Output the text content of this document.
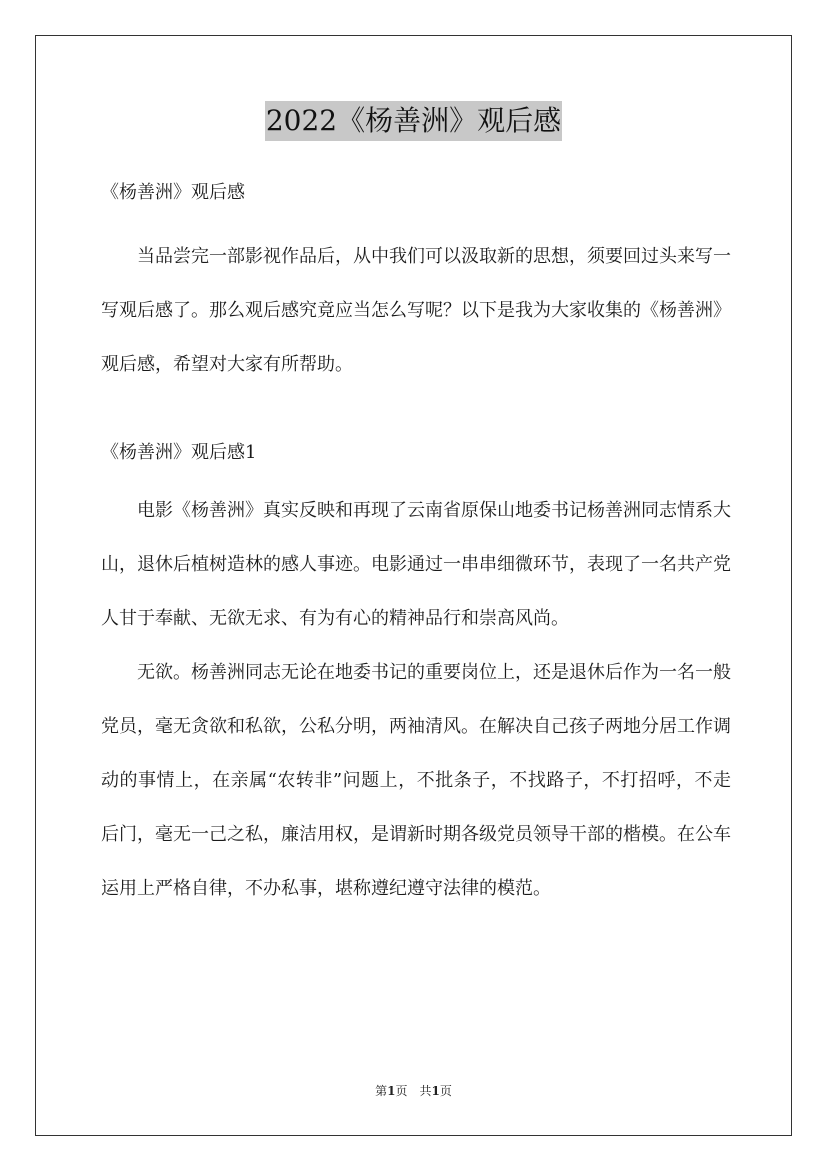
2022《杨善洲》观后感

《杨善洲》观后感

当品尝完一部影视作品后，从中我们可以汲取新的思想，须要回过头来写一写观后感了。那么观后感究竟应当怎么写呢？以下是我为大家收集的《杨善洲》观后感，希望对大家有所帮助。

《杨善洲》观后感1

电影《杨善洲》真实反映和再现了云南省原保山地委书记杨善洲同志情系大山，退休后植树造林的感人事迹。电影通过一串串细微环节，表现了一名共产党人甘于奉献、无欲无求、有为有心的精神品行和崇高风尚。

无欲。杨善洲同志无论在地委书记的重要岗位上，还是退休后作为一名一般党员，毫无贪欲和私欲，公私分明，两袖清风。在解决自己孩子两地分居工作调动的事情上，在亲属“农转非”问题上，不批条子，不找路子，不打招呼，不走后门，毫无一己之私，廉洁用权，是谓新时期各级党员领导干部的楷模。在公车运用上严格自律，不办私事，堪称遵纪遵守法律的模范。

第1页　共1页
